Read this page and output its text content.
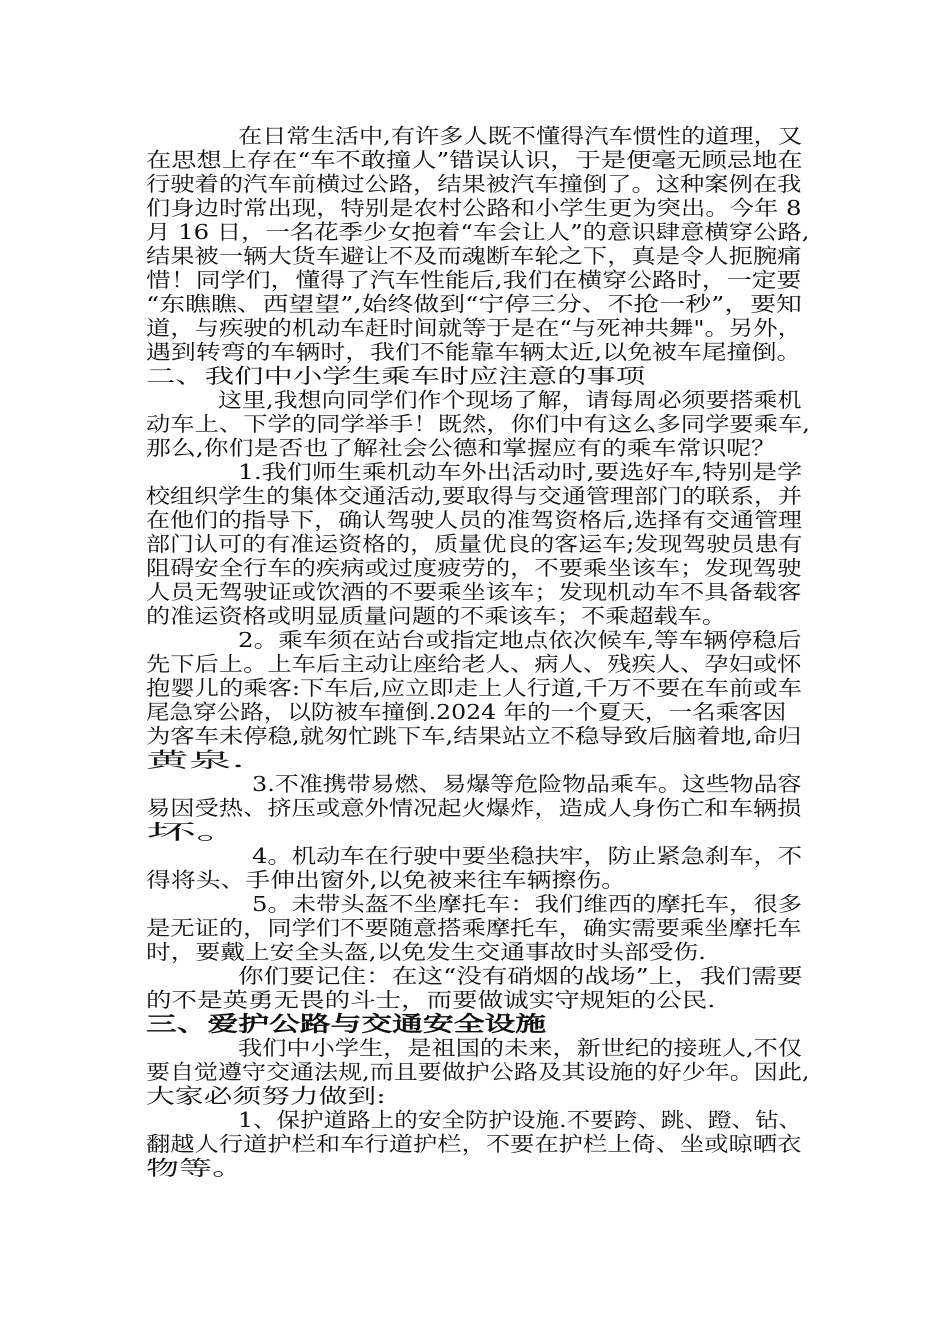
在日常生活中,有许多人既不懂得汽车惯性的道理，又

在思想上存在“车不敢撞人”错误认识，于是便毫无顾忌地在

行驶着的汽车前横过公路，结果被汽车撞倒了。这种案例在我

们身边时常出现，特别是农村公路和小学生更为突出。今年 8

月 16 日，一名花季少女抱着“车会让人”的意识肆意横穿公路,

结果被一辆大货车避让不及而魂断车轮之下，真是令人扼腕痛

惜！同学们，懂得了汽车性能后,我们在横穿公路时，一定要

“东瞧瞧、西望望”,始终做到“宁停三分、不抢一秒”，要知

道，与疾驶的机动车赶时间就等于是在“与死神共舞"。另外，

遇到转弯的车辆时，我们不能靠车辆太近,以免被车尾撞倒。

二、我们中小学生乘车时应注意的事项

这里,我想向同学们作个现场了解，请每周必须要搭乘机

动车上、下学的同学举手！既然，你们中有这么多同学要乘车,

那么,你们是否也了解社会公德和掌握应有的乘车常识呢？

1.我们师生乘机动车外出活动时,要选好车,特别是学

校组织学生的集体交通活动,要取得与交通管理部门的联系，并

在他们的指导下，确认驾驶人员的准驾资格后,选择有交通管理

部门认可的有准运资格的，质量优良的客运车;发现驾驶员患有

阻碍安全行车的疾病或过度疲劳的，不要乘坐该车；发现驾驶

人员无驾驶证或饮酒的不要乘坐该车；发现机动车不具备载客

的准运资格或明显质量问题的不乘该车；不乘超载车。

2。乘车须在站台或指定地点依次候车,等车辆停稳后

先下后上。上车后主动让座给老人、病人、残疾人、孕妇或怀

抱婴儿的乘客:下车后,应立即走上人行道,千万不要在车前或车

尾急穿公路，以防被车撞倒.2024 年的一个夏天，一名乘客因

为客车未停稳,就匆忙跳下车,结果站立不稳导致后脑着地,命归

黄泉.

3.不准携带易燃、易爆等危险物品乘车。这些物品容

易因受热、挤压或意外情况起火爆炸，造成人身伤亡和车辆损

坏。

4。机动车在行驶中要坐稳扶牢，防止紧急刹车，不

得将头、手伸出窗外,以免被来往车辆擦伤。

5。未带头盔不坐摩托车：我们维西的摩托车，很多

是无证的，同学们不要随意搭乘摩托车，确实需要乘坐摩托车

时，要戴上安全头盔,以免发生交通事故时头部受伤.

你们要记住：在这“没有硝烟的战场”上，我们需要

的不是英勇无畏的斗士，而要做诚实守规矩的公民.

三、爱护公路与交通安全设施

我们中小学生，是祖国的未来，新世纪的接班人,不仅

要自觉遵守交通法规,而且要做护公路及其设施的好少年。因此,

大家必须努力做到:

1、保护道路上的安全防护设施.不要跨、跳、蹬、钻、

翻越人行道护栏和车行道护栏，不要在护栏上倚、坐或晾晒衣

物等。
